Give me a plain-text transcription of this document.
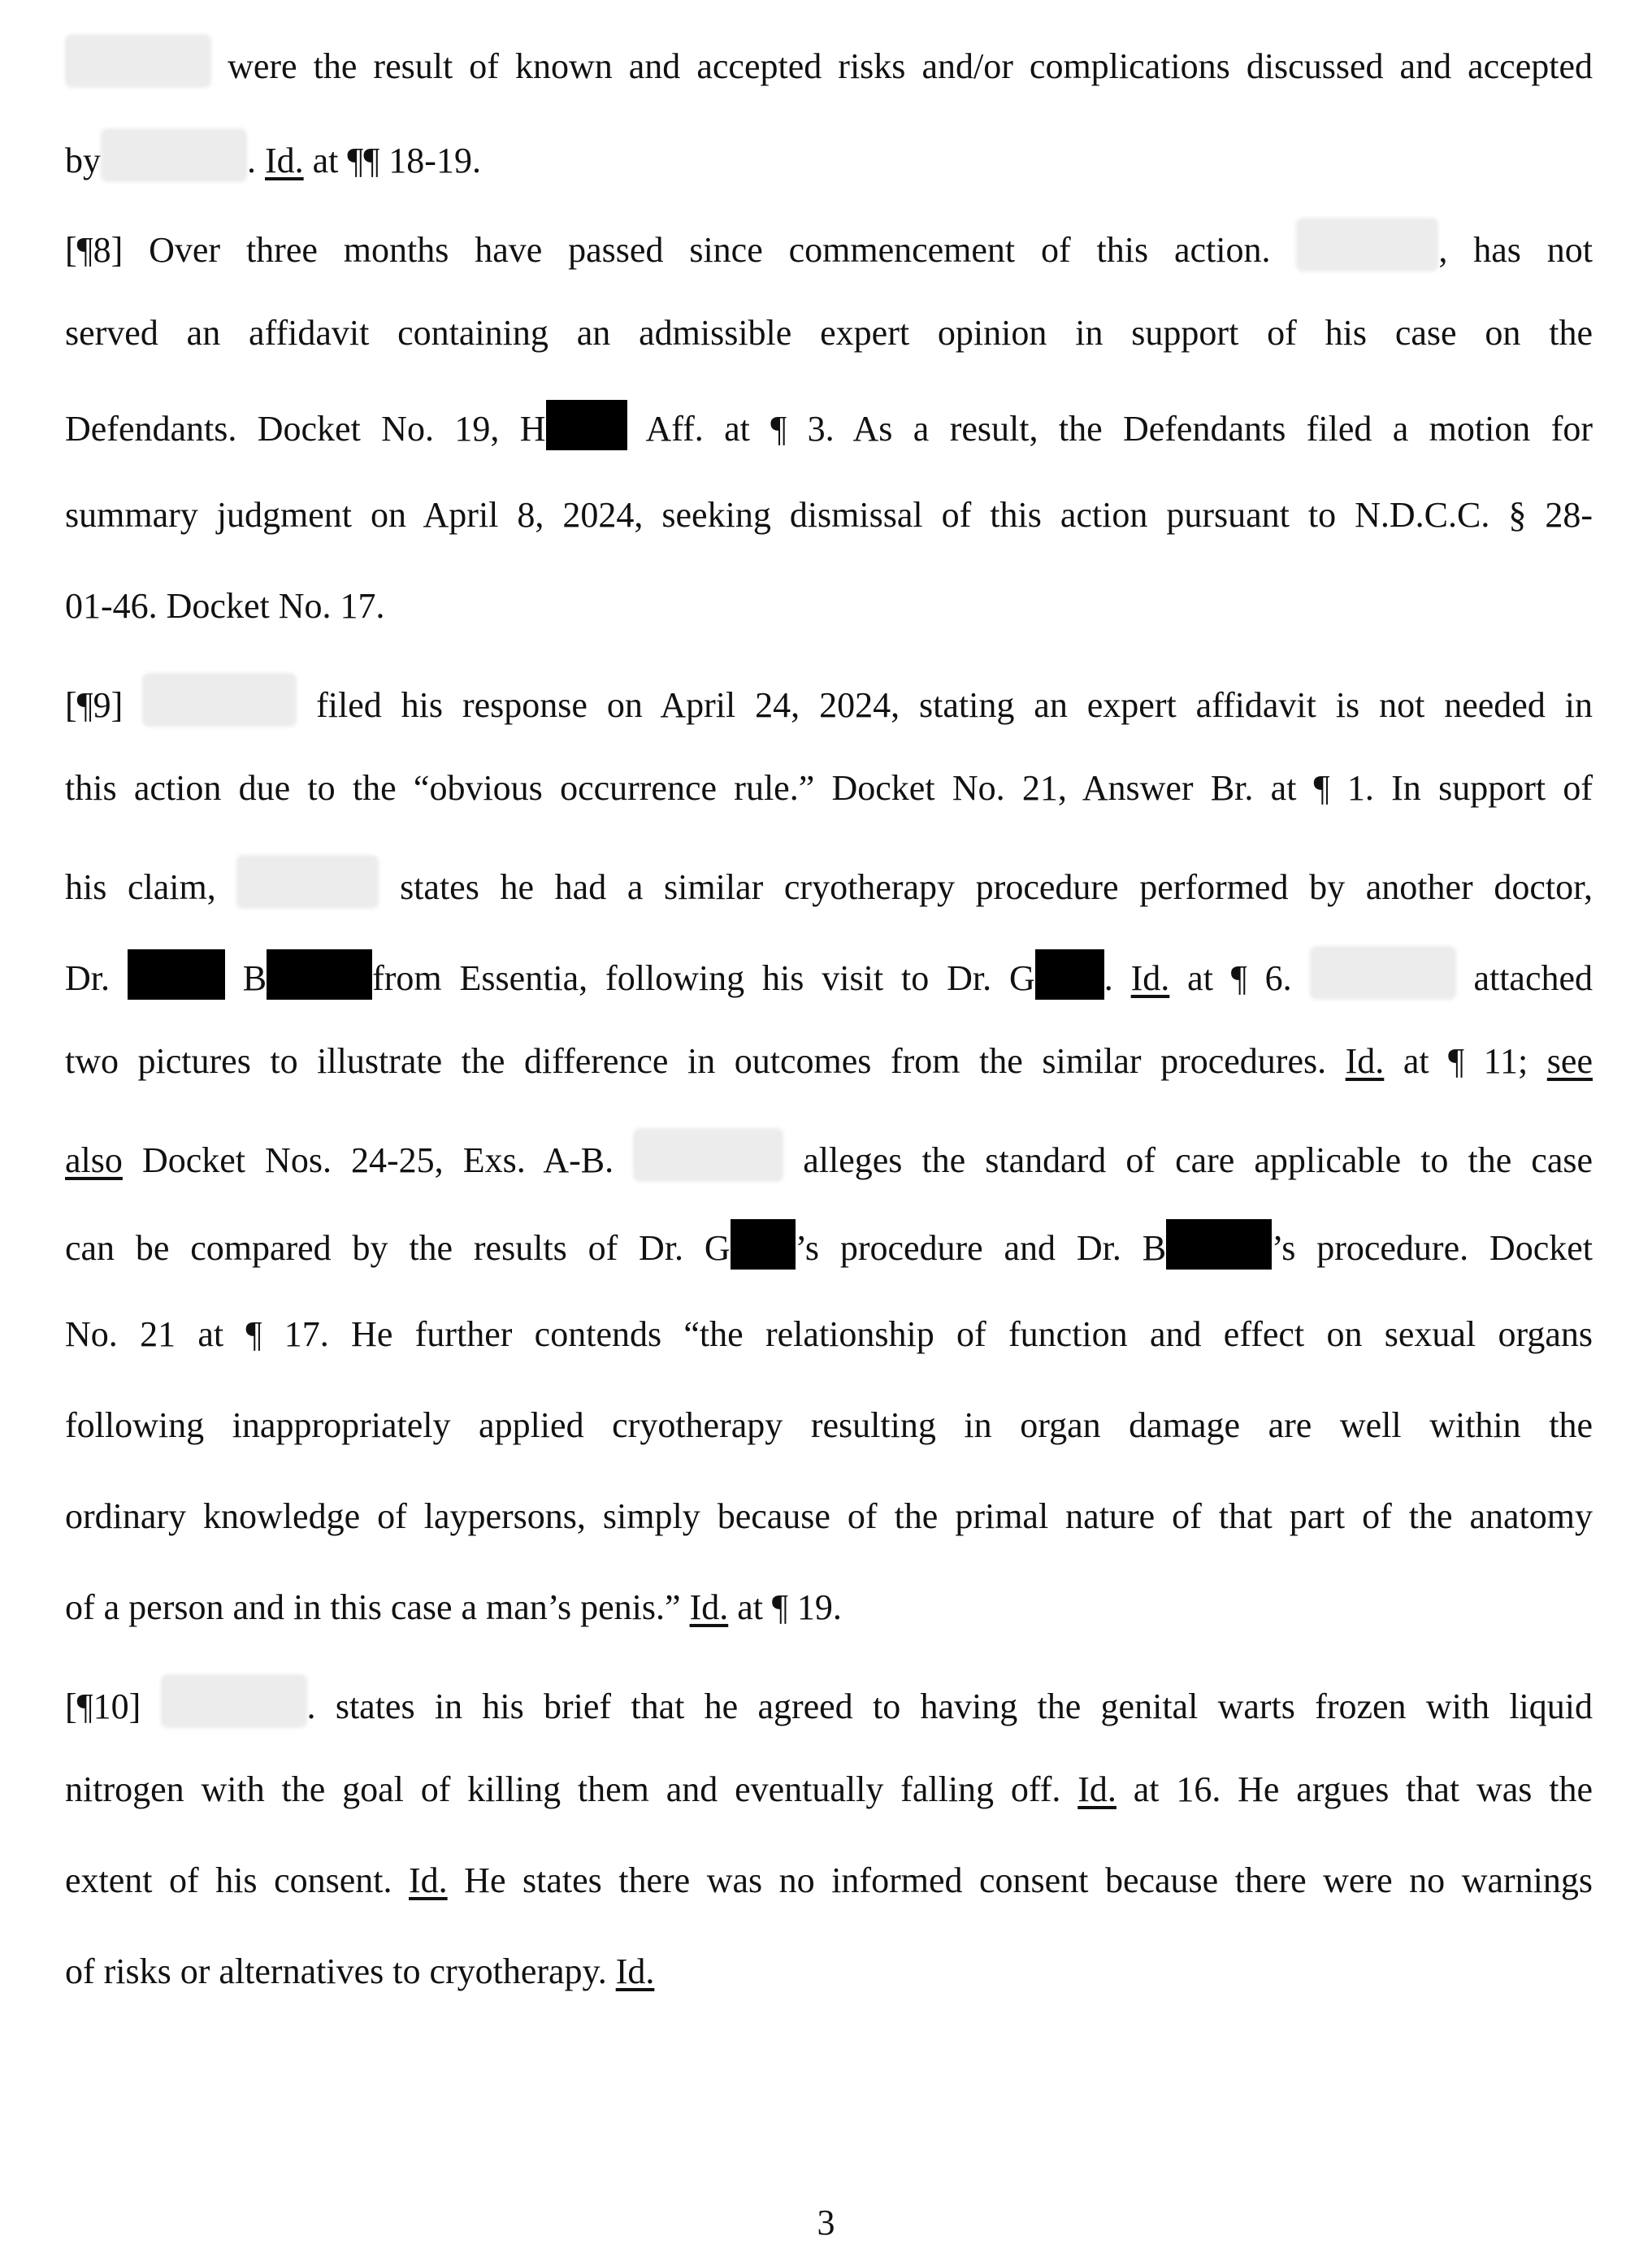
were the result of known and accepted risks and/or complications discussed and accepted
by	. Id. at ¶¶ 18-19.
[¶8] Over three months have passed since commencement of this action.	, has not
served an affidavit containing an admissible expert opinion in support of his case on the
Defendants. Docket No. 19, H Aff. at ¶ 3. As a result, the Defendants filed a motion for
summary judgment on April 8, 2024, seeking dismissal of this action pursuant to N.D.C.C. § 28-
01-46. Docket No. 17.
[¶9]	filed his response on April 24, 2024, stating an expert affidavit is not needed in
this action due to the “obvious occurrence rule.” Docket No. 21, Answer Br. at ¶ 1. In support of
his claim,	states he had a similar cryotherapy procedure performed by another doctor,
Dr.	B	from Essentia, following his visit to Dr. G . Id. at ¶ 6.	attached
two pictures to illustrate the difference in outcomes from the similar procedures. Id. at ¶ 11; see
also Docket Nos. 24-25, Exs. A-B.	alleges the standard of care applicable to the case
can be compared by the results of Dr. G ’s procedure and Dr. B	’s procedure. Docket
No. 21 at ¶ 17. He further contends “the relationship of function and effect on sexual organs
following inappropriately applied cryotherapy resulting in organ damage are well within the
ordinary knowledge of laypersons, simply because of the primal nature of that part of the anatomy
of a person and in this case a man’s penis.” Id. at ¶ 19.
[¶10]	. states in his brief that he agreed to having the genital warts frozen with liquid
nitrogen with the goal of killing them and eventually falling off. Id. at 16. He argues that was the
extent of his consent. Id. He states there was no informed consent because there were no warnings
of risks or alternatives to cryotherapy. Id.
3
